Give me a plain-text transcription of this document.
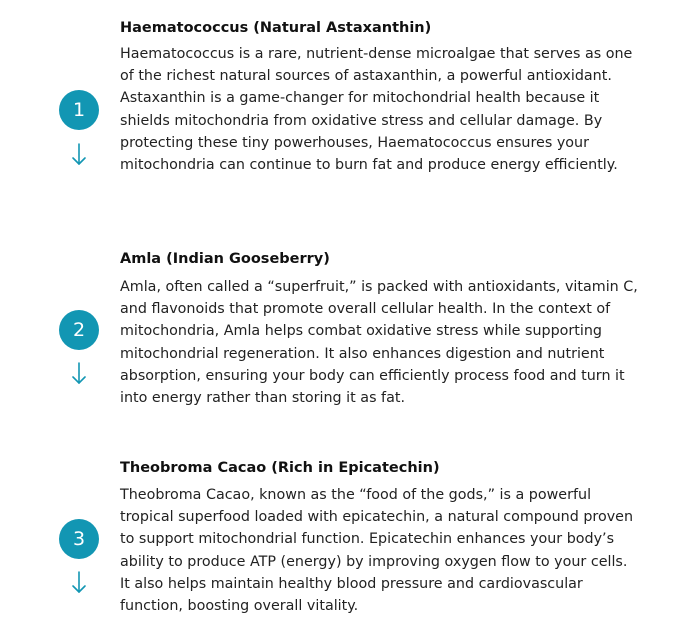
Haematococcus (Natural Astaxanthin)
1
Haematococcus is a rare, nutrient-dense microalgae that serves as one of the richest natural sources of astaxanthin, a powerful antioxidant. Astaxanthin is a game-changer for mitochondrial health because it shields mitochondria from oxidative stress and cellular damage. By protecting these tiny powerhouses, Haematococcus ensures your mitochondria can continue to burn fat and produce energy efficiently.
Amla (Indian Gooseberry)
2
Amla, often called a “superfruit,” is packed with antioxidants, vitamin C, and flavonoids that promote overall cellular health. In the context of mitochondria, Amla helps combat oxidative stress while supporting mitochondrial regeneration. It also enhances digestion and nutrient absorption, ensuring your body can efficiently process food and turn it into energy rather than storing it as fat.
Theobroma Cacao (Rich in Epicatechin)
3
Theobroma Cacao, known as the “food of the gods,” is a powerful tropical superfood loaded with epicatechin, a natural compound proven to support mitochondrial function. Epicatechin enhances your body’s ability to produce ATP (energy) by improving oxygen flow to your cells. It also helps maintain healthy blood pressure and cardiovascular function, boosting overall vitality.
